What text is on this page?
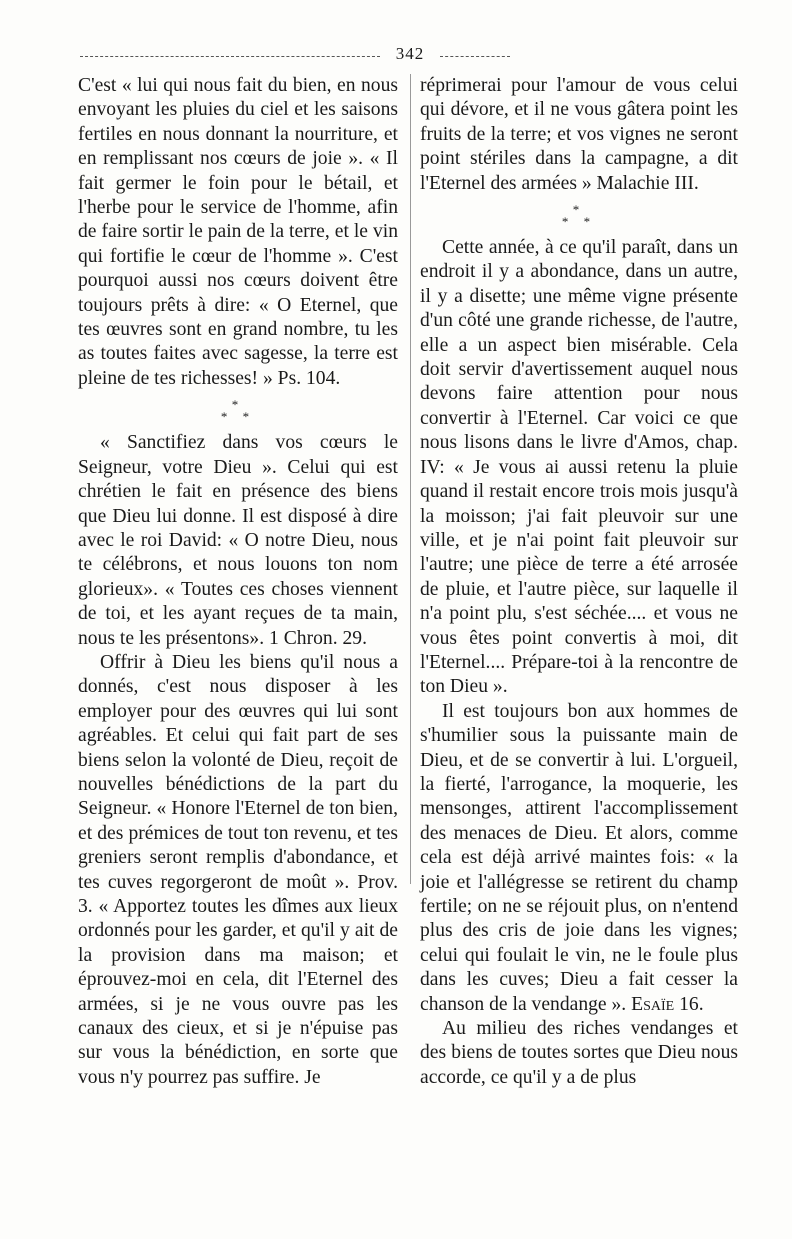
342

C'est « lui qui nous fait du bien, en nous envoyant les pluies du ciel et les saisons fertiles en nous donnant la nourriture, et en remplissant nos cœurs de joie ». « Il fait germer le foin pour le bétail, et l'herbe pour le service de l'homme, afin de faire sortir le pain de la terre, et le vin qui fortifie le cœur de l'homme ». C'est pourquoi aussi nos cœurs doivent être toujours prêts à dire: « O Eternel, que tes œuvres sont en grand nombre, tu les as toutes faites avec sagesse, la terre est pleine de tes richesses! » Ps. 104.

*
* *

« Sanctifiez dans vos cœurs le Seigneur, votre Dieu ». Celui qui est chrétien le fait en présence des biens que Dieu lui donne. Il est disposé à dire avec le roi David: « O notre Dieu, nous te célébrons, et nous louons ton nom glorieux». « Toutes ces choses viennent de toi, et les ayant reçues de ta main, nous te les présentons». 1 Chron. 29.

Offrir à Dieu les biens qu'il nous a donnés, c'est nous disposer à les employer pour des œuvres qui lui sont agréables. Et celui qui fait part de ses biens selon la volonté de Dieu, reçoit de nouvelles bénédictions de la part du Seigneur. « Honore l'Eternel de ton bien, et des prémices de tout ton revenu, et tes greniers seront remplis d'abondance, et tes cuves regorgeront de moût ». Prov. 3. « Apportez toutes les dîmes aux lieux ordonnés pour les garder, et qu'il y ait de la provision dans ma maison; et éprouvez-moi en cela, dit l'Eternel des armées, si je ne vous ouvre pas les canaux des cieux, et si je n'épuise pas sur vous la bénédiction, en sorte que vous n'y pourrez pas suffire. Je

réprimerai pour l'amour de vous celui qui dévore, et il ne vous gâtera point les fruits de la terre; et vos vignes ne seront point stériles dans la campagne, a dit l'Eternel des armées » Malachie III.

*
* *

Cette année, à ce qu'il paraît, dans un endroit il y a abondance, dans un autre, il y a disette; une même vigne présente d'un côté une grande richesse, de l'autre, elle a un aspect bien misérable. Cela doit servir d'avertissement auquel nous devons faire attention pour nous convertir à l'Eternel. Car voici ce que nous lisons dans le livre d'Amos, chap. IV: « Je vous ai aussi retenu la pluie quand il restait encore trois mois jusqu'à la moisson; j'ai fait pleuvoir sur une ville, et je n'ai point fait pleuvoir sur l'autre; une pièce de terre a été arrosée de pluie, et l'autre pièce, sur laquelle il n'a point plu, s'est séchée.... et vous ne vous êtes point convertis à moi, dit l'Eternel.... Prépare-toi à la rencontre de ton Dieu ».

Il est toujours bon aux hommes de s'humilier sous la puissante main de Dieu, et de se convertir à lui. L'orgueil, la fierté, l'arrogance, la moquerie, les mensonges, attirent l'accomplissement des menaces de Dieu. Et alors, comme cela est déjà arrivé maintes fois: « la joie et l'allégresse se retirent du champ fertile; on ne se réjouit plus, on n'entend plus des cris de joie dans les vignes; celui qui foulait le vin, ne le foule plus dans les cuves; Dieu a fait cesser la chanson de la vendange ». Esaïe 16.

Au milieu des riches vendanges et des biens de toutes sortes que Dieu nous accorde, ce qu'il y a de plus
